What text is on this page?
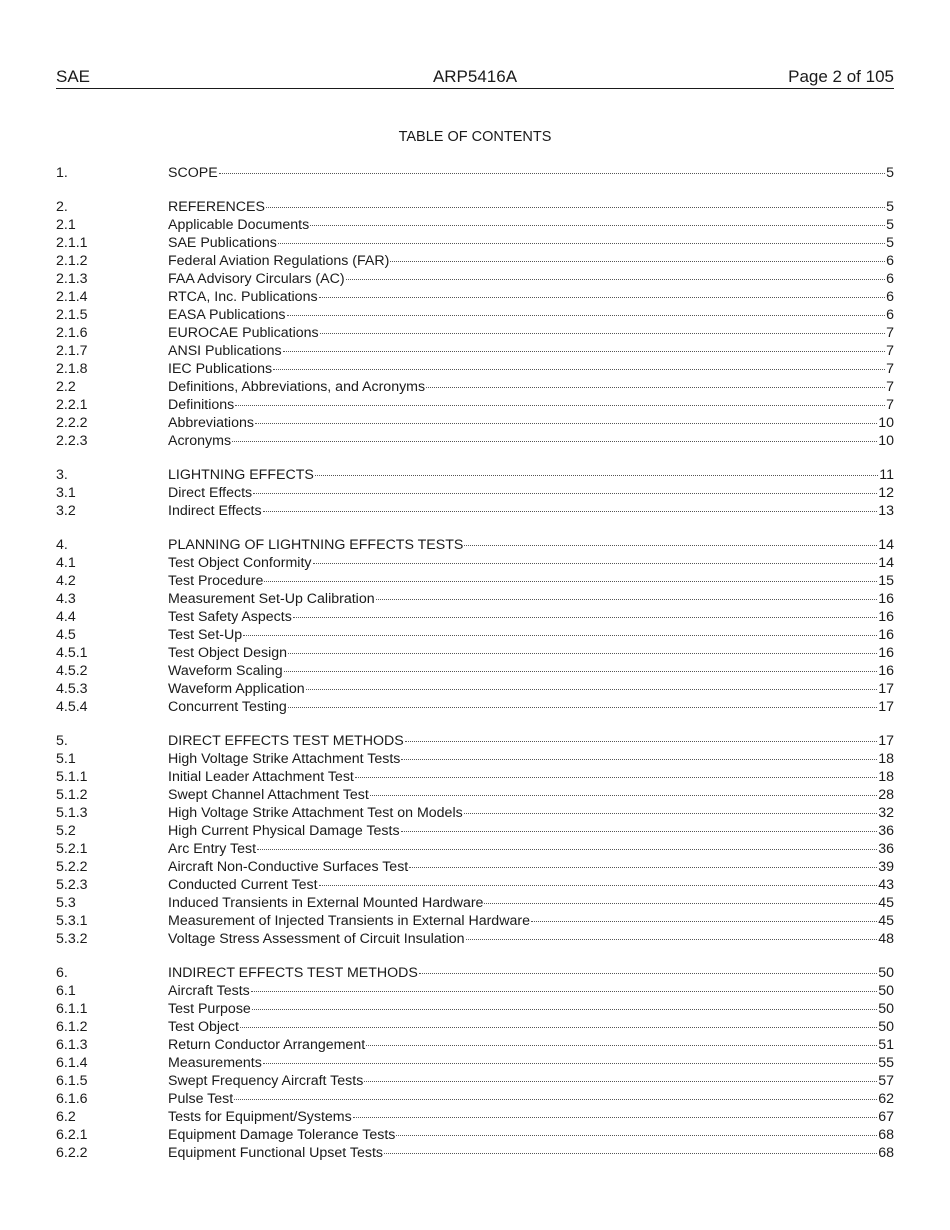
SAE	ARP5416A	Page 2 of 105
TABLE OF CONTENTS
1.	SCOPE	5
2.	REFERENCES	5
2.1	Applicable Documents	5
2.1.1	SAE Publications	5
2.1.2	Federal Aviation Regulations (FAR)	6
2.1.3	FAA Advisory Circulars (AC)	6
2.1.4	RTCA, Inc. Publications	6
2.1.5	EASA Publications	6
2.1.6	EUROCAE Publications	7
2.1.7	ANSI Publications	7
2.1.8	IEC Publications	7
2.2	Definitions, Abbreviations, and Acronyms	7
2.2.1	Definitions	7
2.2.2	Abbreviations	10
2.2.3	Acronyms	10
3.	LIGHTNING EFFECTS	11
3.1	Direct Effects	12
3.2	Indirect Effects	13
4.	PLANNING OF LIGHTNING EFFECTS TESTS	14
4.1	Test Object Conformity	14
4.2	Test Procedure	15
4.3	Measurement Set-Up Calibration	16
4.4	Test Safety Aspects	16
4.5	Test Set-Up	16
4.5.1	Test Object Design	16
4.5.2	Waveform Scaling	16
4.5.3	Waveform Application	17
4.5.4	Concurrent Testing	17
5.	DIRECT EFFECTS TEST METHODS	17
5.1	High Voltage Strike Attachment Tests	18
5.1.1	Initial Leader Attachment Test	18
5.1.2	Swept Channel Attachment Test	28
5.1.3	High Voltage Strike Attachment Test on Models	32
5.2	High Current Physical Damage Tests	36
5.2.1	Arc Entry Test	36
5.2.2	Aircraft Non-Conductive Surfaces Test	39
5.2.3	Conducted Current Test	43
5.3	Induced Transients in External Mounted Hardware	45
5.3.1	Measurement of Injected Transients in External Hardware	45
5.3.2	Voltage Stress Assessment of Circuit Insulation	48
6.	INDIRECT EFFECTS TEST METHODS	50
6.1	Aircraft Tests	50
6.1.1	Test Purpose	50
6.1.2	Test Object	50
6.1.3	Return Conductor Arrangement	51
6.1.4	Measurements	55
6.1.5	Swept Frequency Aircraft Tests	57
6.1.6	Pulse Test	62
6.2	Tests for Equipment/Systems	67
6.2.1	Equipment Damage Tolerance Tests	68
6.2.2	Equipment Functional Upset Tests	68
